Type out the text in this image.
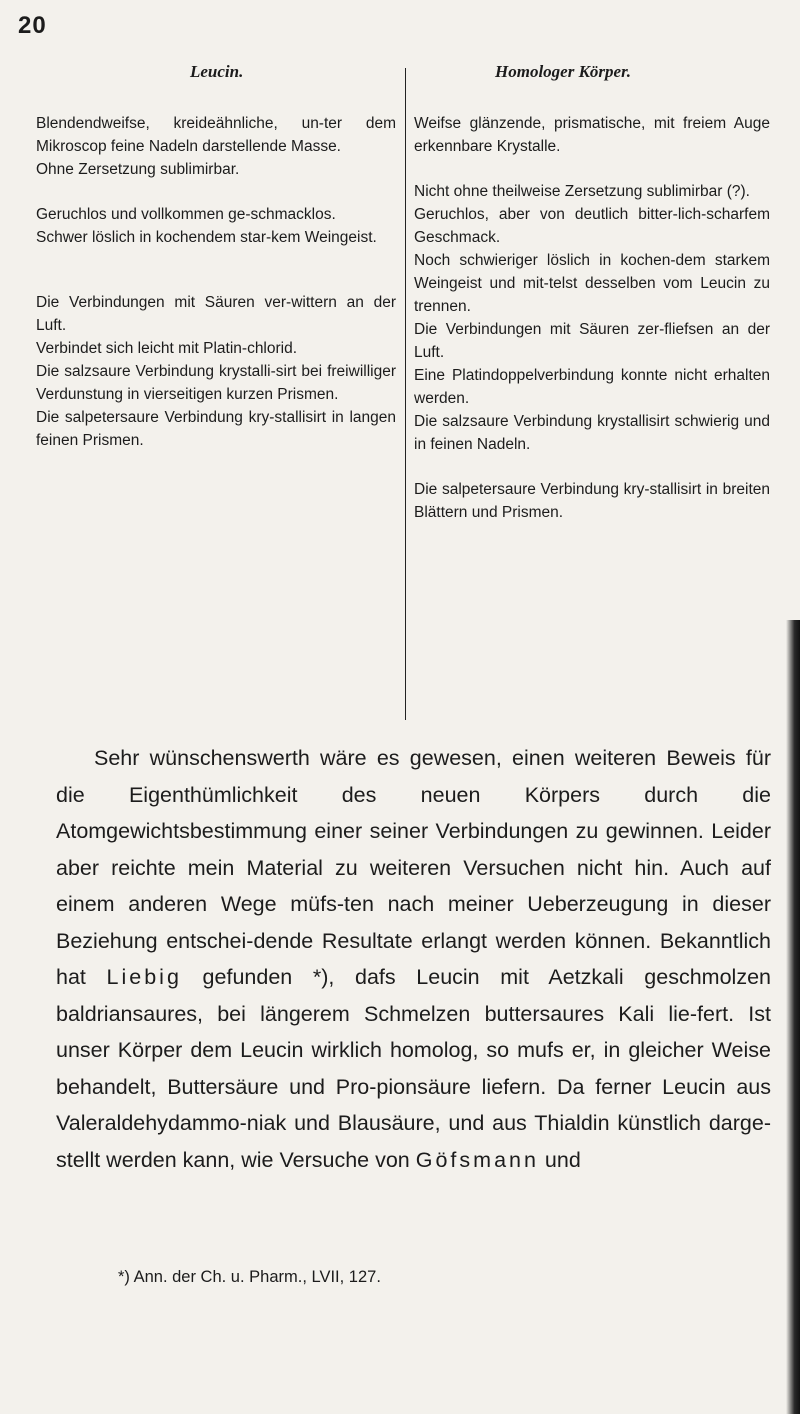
20
Leucin.	Homologer Körper.

Blendendweifse, kreideähnliche, un-ter dem Mikroscop feine Nadeln darstellende Masse.

Ohne Zersetzung sublimirbar.

Geruchlos und vollkommen ge-schmacklos.

Schwer löslich in kochendem star-kem Weingeist.

Die Verbindungen mit Säuren ver-wittern an der Luft.

Verbindet sich leicht mit Platin-chlorid.

Die salzsaure Verbindung krystalli-sirt bei freiwilliger Verdunstung in vierseitigen kurzen Prismen.

Die salpetersaure Verbindung kry-stallisirt in langen feinen Prismen.

Weifse glänzende, prismatische, mit freiem Auge erkennbare Krystalle.

Nicht ohne theilweise Zersetzung sublimirbar (?).

Geruchlos, aber von deutlich bitter-lich-scharfem Geschmack.

Noch schwieriger löslich in kochen-dem starkem Weingeist und mit-telst desselben vom Leucin zu trennen.

Die Verbindungen mit Säuren zer-fliefsen an der Luft.

Eine Platindoppelverbindung konnte nicht erhalten werden.

Die salzsaure Verbindung krystallisirt schwierig und in feinen Nadeln.

Die salpetersaure Verbindung kry-stallisirt in breiten Blättern und Prismen.

Sehr wünschenswerth wäre es gewesen, einen weiteren Beweis für die Eigenthümlichkeit des neuen Körpers durch die Atomgewichtsbestimmung einer seiner Verbindungen zu gewinnen. Leider aber reichte mein Material zu weiteren Versuchen nicht hin. Auch auf einem anderen Wege müfs-ten nach meiner Ueberzeugung in dieser Beziehung entschei-dende Resultate erlangt werden können. Bekanntlich hat Liebig gefunden *), dafs Leucin mit Aetzkali geschmolzen baldriansaures, bei längerem Schmelzen buttersaures Kali lie-fert. Ist unser Körper dem Leucin wirklich homolog, so mufs er, in gleicher Weise behandelt, Buttersäure und Pro-pionsäure liefern. Da ferner Leucin aus Valeraldehydammo-niak und Blausäure, und aus Thialdin künstlich darge-stellt werden kann, wie Versuche von Göfsmann und

*) Ann. der Ch. u. Pharm., LVII, 127.
